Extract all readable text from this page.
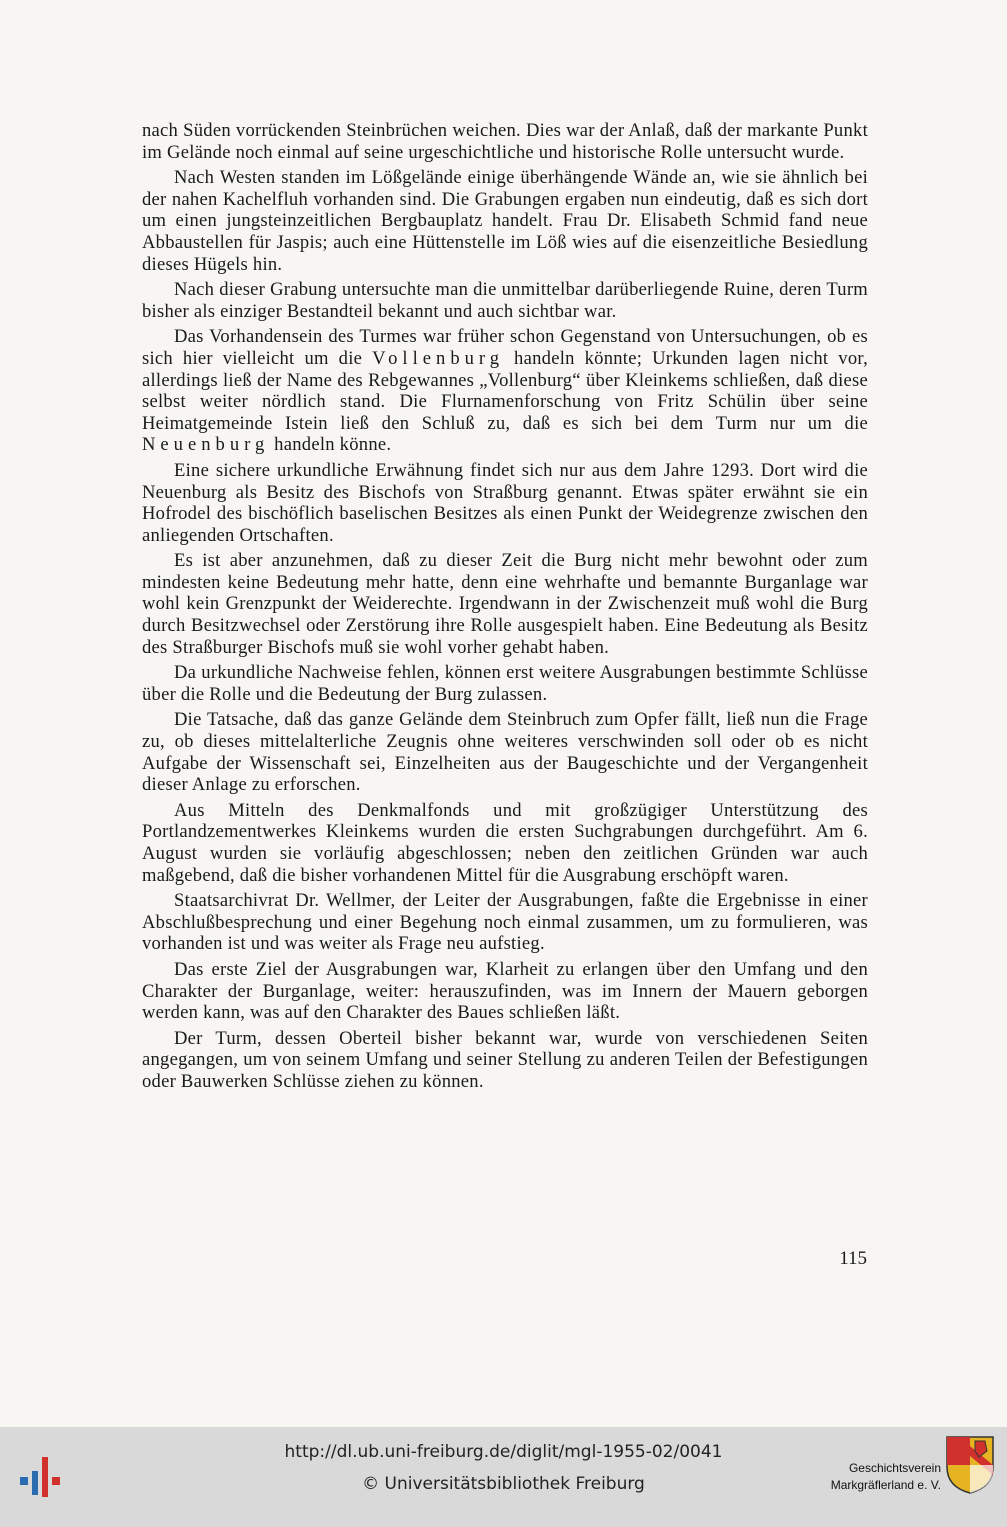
nach Süden vorrückenden Steinbrüchen weichen. Dies war der Anlaß, daß der markante Punkt im Gelände noch einmal auf seine urgeschichtliche und historische Rolle untersucht wurde.

Nach Westen standen im Lößgelände einige überhängende Wände an, wie sie ähnlich bei der nahen Kachelfluh vorhanden sind. Die Grabungen ergaben nun eindeutig, daß es sich dort um einen jungsteinzeitlichen Bergbauplatz handelt. Frau Dr. Elisabeth Schmid fand neue Abbaustellen für Jaspis; auch eine Hüttenstelle im Löß wies auf die eisenzeitliche Besiedlung dieses Hügels hin.

Nach dieser Grabung untersuchte man die unmittelbar darüberliegende Ruine, deren Turm bisher als einziger Bestandteil bekannt und auch sichtbar war.

Das Vorhandensein des Turmes war früher schon Gegenstand von Untersuchungen, ob es sich hier vielleicht um die Vollenburg handeln könnte; Urkunden lagen nicht vor, allerdings ließ der Name des Rebgewannes „Vollenburg“ über Kleinkems schließen, daß diese selbst weiter nördlich stand. Die Flurnamenforschung von Fritz Schülin über seine Heimatgemeinde Istein ließ den Schluß zu, daß es sich bei dem Turm nur um die Neuenburg handeln könne.

Eine sichere urkundliche Erwähnung findet sich nur aus dem Jahre 1293. Dort wird die Neuenburg als Besitz des Bischofs von Straßburg genannt. Etwas später erwähnt sie ein Hofrodel des bischöflich baselischen Besitzes als einen Punkt der Weidegrenze zwischen den anliegenden Ortschaften.

Es ist aber anzunehmen, daß zu dieser Zeit die Burg nicht mehr bewohnt oder zum mindesten keine Bedeutung mehr hatte, denn eine wehrhafte und bemannte Burganlage war wohl kein Grenzpunkt der Weiderechte. Irgendwann in der Zwischenzeit muß wohl die Burg durch Besitzwechsel oder Zerstörung ihre Rolle ausgespielt haben. Eine Bedeutung als Besitz des Straßburger Bischofs muß sie wohl vorher gehabt haben.

Da urkundliche Nachweise fehlen, können erst weitere Ausgrabungen bestimmte Schlüsse über die Rolle und die Bedeutung der Burg zulassen.

Die Tatsache, daß das ganze Gelände dem Steinbruch zum Opfer fällt, ließ nun die Frage zu, ob dieses mittelalterliche Zeugnis ohne weiteres verschwinden soll oder ob es nicht Aufgabe der Wissenschaft sei, Einzelheiten aus der Baugeschichte und der Vergangenheit dieser Anlage zu erforschen.

Aus Mitteln des Denkmalfonds und mit großzügiger Unterstützung des Portlandzementwerkes Kleinkems wurden die ersten Suchgrabungen durchgeführt. Am 6. August wurden sie vorläufig abgeschlossen; neben den zeitlichen Gründen war auch maßgebend, daß die bisher vorhandenen Mittel für die Ausgrabung erschöpft waren.

Staatsarchivrat Dr. Wellmer, der Leiter der Ausgrabungen, faßte die Ergebnisse in einer Abschlußbesprechung und einer Begehung noch einmal zusammen, um zu formulieren, was vorhanden ist und was weiter als Frage neu aufstieg.

Das erste Ziel der Ausgrabungen war, Klarheit zu erlangen über den Umfang und den Charakter der Burganlage, weiter: herauszufinden, was im Innern der Mauern geborgen werden kann, was auf den Charakter des Baues schließen läßt.

Der Turm, dessen Oberteil bisher bekannt war, wurde von verschiedenen Seiten angegangen, um von seinem Umfang und seiner Stellung zu anderen Teilen der Befestigungen oder Bauwerken Schlüsse ziehen zu können.

115
http://dl.ub.uni-freiburg.de/diglit/mgl-1955-02/0041
© Universitätsbibliothek Freiburg
Geschichtsverein
Markgräflerland e. V.
